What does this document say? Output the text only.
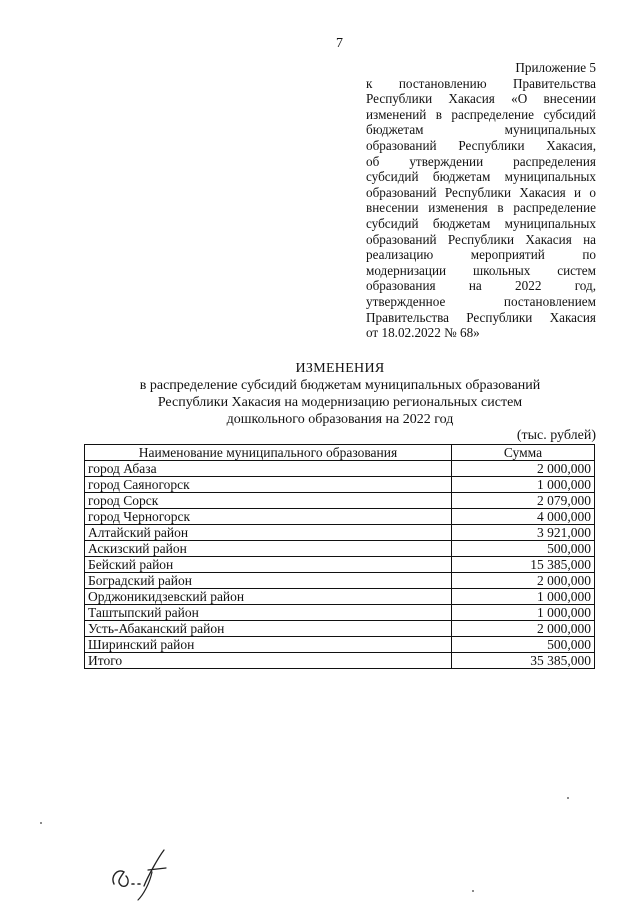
7
Приложение 5
к постановлению Правительства
Республики Хакасия «О внесении
изменений в распределение субсидий
бюджетам муниципальных
образований Республики Хакасия,
об утверждении распределения
субсидий бюджетам муниципальных
образований Республики Хакасия и о
внесении изменения в распределение
субсидий бюджетам муниципальных
образований Республики Хакасия на
реализацию мероприятий по
модернизации школьных систем
образования на 2022 год,
утвержденное постановлением
Правительства Республики Хакасия
от 18.02.2022 № 68»
ИЗМЕНЕНИЯ
в распределение субсидий бюджетам муниципальных образований
Республики Хакасия на модернизацию региональных систем
дошкольного образования на 2022 год
(тыс. рублей)
Наименование муниципального образования	Сумма
город Абаза	2 000,000
город Саяногорск	1 000,000
город Сорск	2 079,000
город Черногорск	4 000,000
Алтайский район	3 921,000
Аскизский район	500,000
Бейский район	15 385,000
Боградский район	2 000,000
Орджоникидзевский район	1 000,000
Таштыпский район	1 000,000
Усть-Абаканский район	2 000,000
Ширинский район	500,000
Итого	35 385,000
